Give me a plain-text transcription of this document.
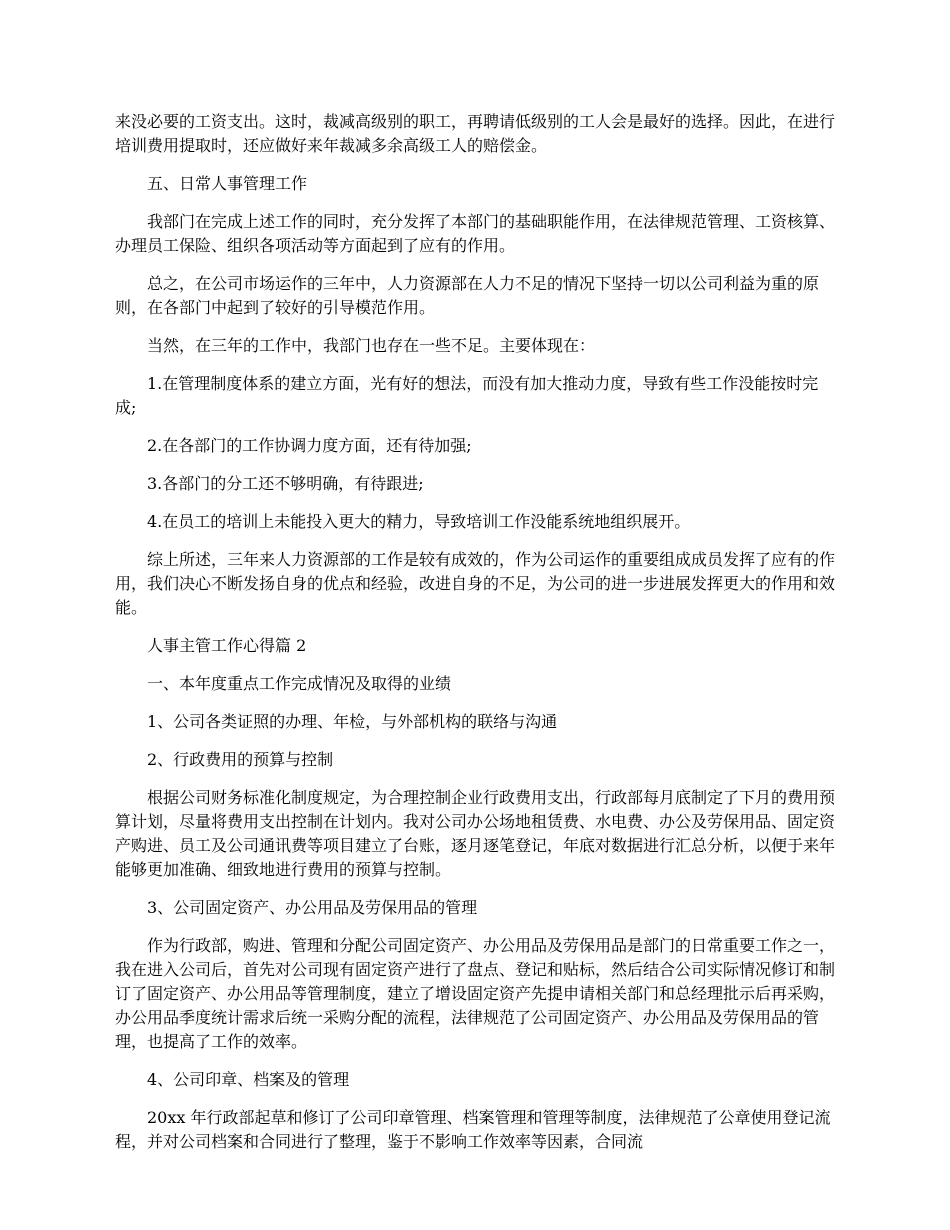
来没必要的工资支出。这时，裁减高级别的职工，再聘请低级别的工人会是最好的选择。因此，在进行培训费用提取时，还应做好来年裁减多余高级工人的赔偿金。

五、日常人事管理工作

我部门在完成上述工作的同时，充分发挥了本部门的基础职能作用，在法律规范管理、工资核算、办理员工保险、组织各项活动等方面起到了应有的作用。

总之，在公司市场运作的三年中，人力资源部在人力不足的情况下坚持一切以公司利益为重的原则，在各部门中起到了较好的引导模范作用。

当然，在三年的工作中，我部门也存在一些不足。主要体现在：

1.在管理制度体系的建立方面，光有好的想法，而没有加大推动力度，导致有些工作没能按时完成;

2.在各部门的工作协调力度方面，还有待加强;

3.各部门的分工还不够明确，有待跟进;

4.在员工的培训上未能投入更大的精力，导致培训工作没能系统地组织展开。

综上所述，三年来人力资源部的工作是较有成效的，作为公司运作的重要组成成员发挥了应有的作用，我们决心不断发扬自身的优点和经验，改进自身的不足，为公司的进一步进展发挥更大的作用和效能。

人事主管工作心得篇 2

一、本年度重点工作完成情况及取得的业绩

1、公司各类证照的办理、年检，与外部机构的联络与沟通

2、行政费用的预算与控制

根据公司财务标准化制度规定，为合理控制企业行政费用支出，行政部每月底制定了下月的费用预算计划，尽量将费用支出控制在计划内。我对公司办公场地租赁费、水电费、办公及劳保用品、固定资产购进、员工及公司通讯费等项目建立了台账，逐月逐笔登记，年底对数据进行汇总分析，以便于来年能够更加准确、细致地进行费用的预算与控制。

3、公司固定资产、办公用品及劳保用品的管理

作为行政部，购进、管理和分配公司固定资产、办公用品及劳保用品是部门的日常重要工作之一，我在进入公司后，首先对公司现有固定资产进行了盘点、登记和贴标，然后结合公司实际情况修订和制订了固定资产、办公用品等管理制度，建立了增设固定资产先提申请相关部门和总经理批示后再采购，办公用品季度统计需求后统一采购分配的流程，法律规范了公司固定资产、办公用品及劳保用品的管理，也提高了工作的效率。

4、公司印章、档案及的管理

20xx 年行政部起草和修订了公司印章管理、档案管理和管理等制度，法律规范了公章使用登记流程，并对公司档案和合同进行了整理，鉴于不影响工作效率等因素，合同流
